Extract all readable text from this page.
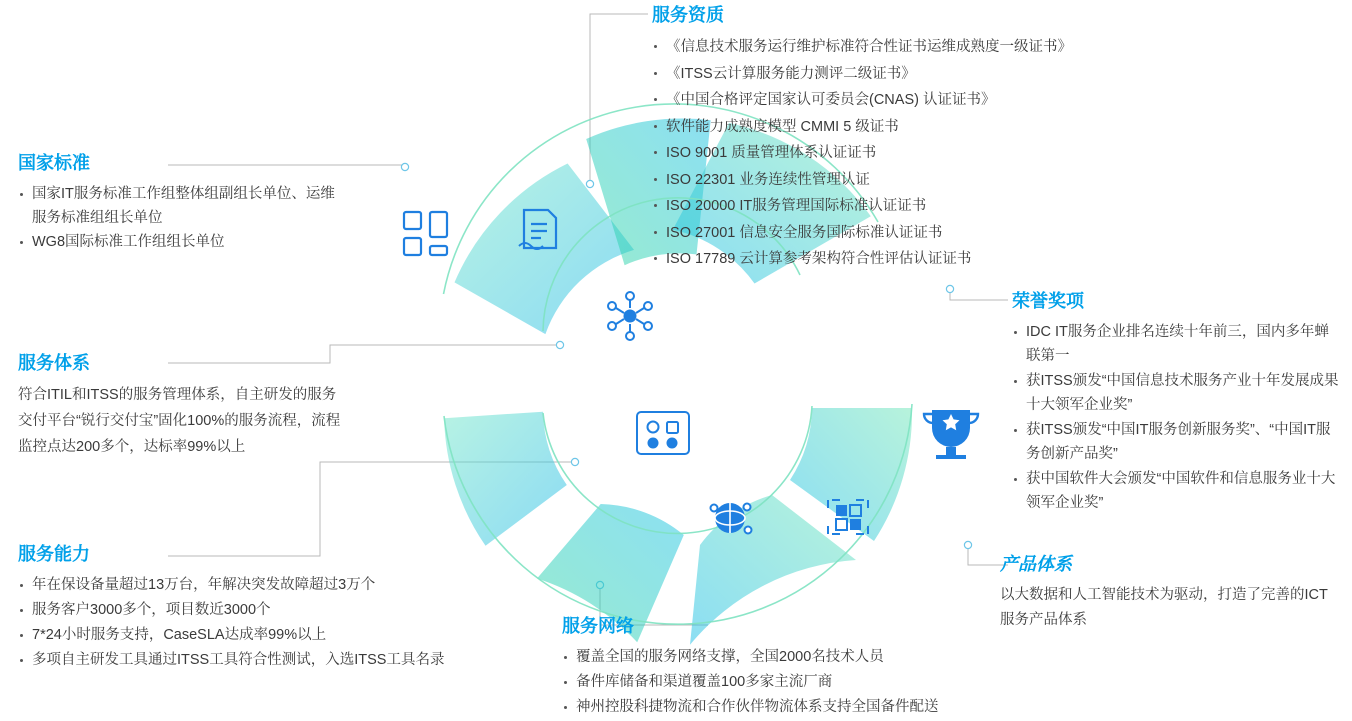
服务资质
《信息技术服务运行维护标准符合性证书运维成熟度一级证书》
《ITSS云计算服务能力测评二级证书》
《中国合格评定国家认可委员会(CNAS) 认证证书》
软件能力成熟度模型 CMMI 5 级证书
ISO 9001 质量管理体系认证证书
ISO 22301 业务连续性管理认证
ISO 20000 IT服务管理国际标准认证证书
ISO 27001 信息安全服务国际标准认证证书
ISO 17789 云计算参考架构符合性评估认证证书
国家标准
国家IT服务标准工作组整体组副组长单位、运维服务标准组组长单位
WG8国际标准工作组组长单位
服务体系

符合ITIL和ITSS的服务管理体系，自主研发的服务交付平台“锐行交付宝”固化100%的服务流程，流程监控点达200多个，达标率99%以上

服务能力
年在保设备量超过13万台，年解决突发故障超过3万个
服务客户3000多个，项目数近3000个
7*24小时服务支持，CaseSLA达成率99%以上
多项自主研发工具通过ITSS工具符合性测试，入选ITSS工具名录
荣誉奖项
IDC IT服务企业排名连续十年前三，国内多年蝉联第一
获ITSS颁发“中国信息技术服务产业十年发展成果十大领军企业奖”
获ITSS颁发“中国IT服务创新服务奖”、“中国IT服务创新产品奖”
获中国软件大会颁发“中国软件和信息服务业十大领军企业奖”
产品体系

以大数据和人工智能技术为驱动，打造了完善的ICT服务产品体系

服务网络
覆盖全国的服务网络支撑，全国2000名技术人员
备件库储备和渠道覆盖100多家主流厂商
神州控股科捷物流和合作伙伴物流体系支持全国备件配送
